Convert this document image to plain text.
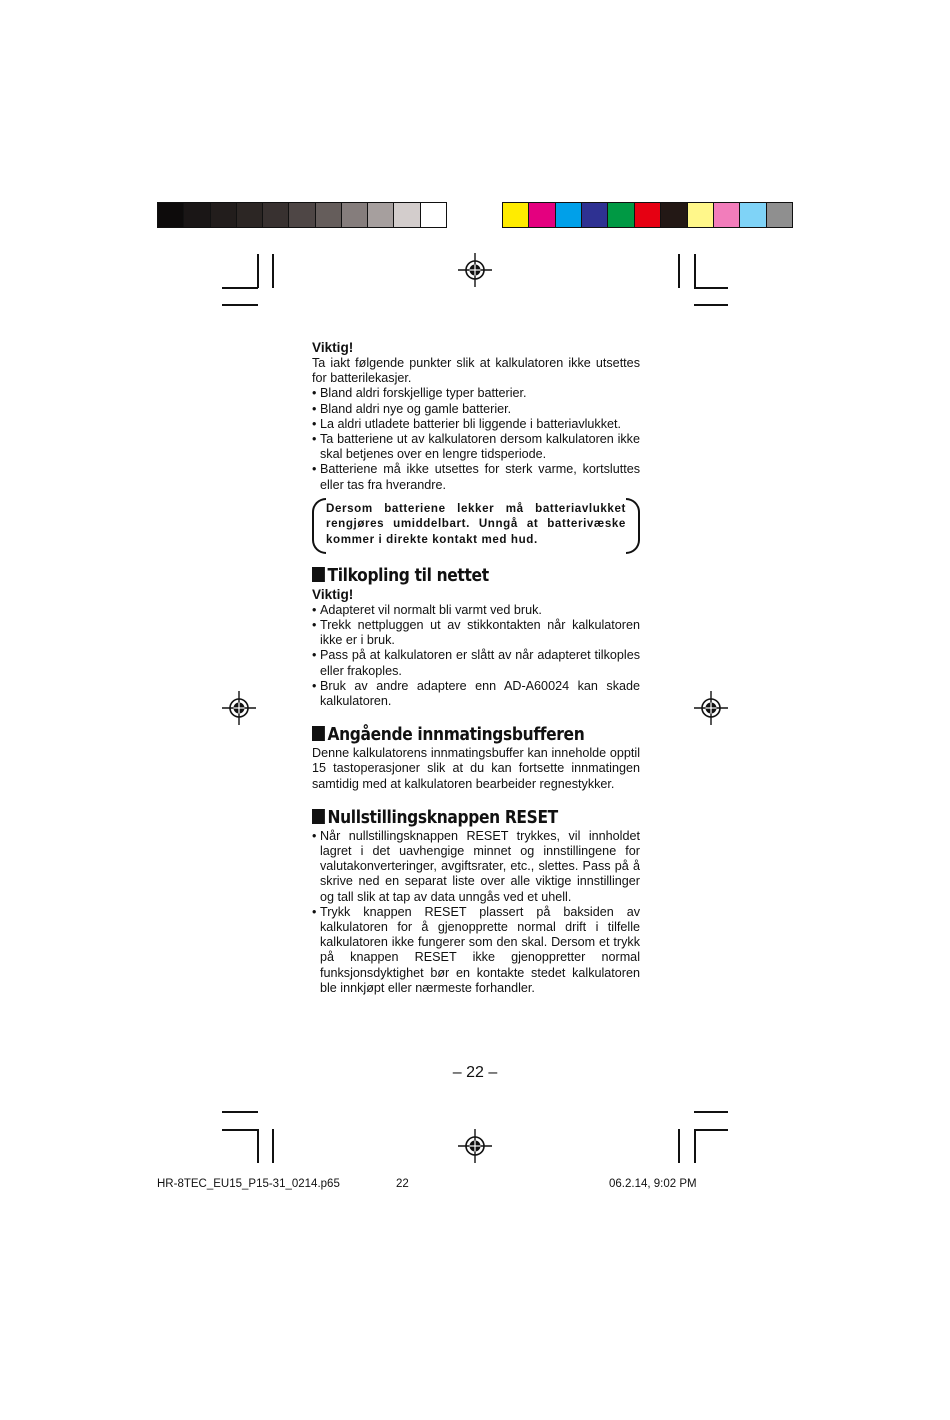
Viktig!

Ta iakt følgende punkter slik at kalkulatoren ikke utsettes for batterilekasjer.

• Bland aldri forskjellige typer batterier.
• Bland aldri nye og gamle batterier.
• La aldri utladete batterier bli liggende i batteriavlukket.
• Ta batteriene ut av kalkulatoren dersom kalkulatoren ikke skal betjenes over en lengre tidsperiode.
• Batteriene må ikke utsettes for sterk varme, kortsluttes eller tas fra hverandre.
Dersom batteriene lekker må batteriavlukket rengjøres umiddelbart. Unngå at batterivæske kommer i direkte kontakt med hud.
Tilkopling til nettet

Viktig!

• Adapteret vil normalt bli varmt ved bruk.
• Trekk nettpluggen ut av stikkontakten når kalkulatoren ikke er i bruk.
• Pass på at kalkulatoren er slått av når adapteret tilkoples eller frakoples.
• Bruk av andre adaptere enn AD-A60024 kan skade kalkulatoren.
Angående innmatingsbufferen

Denne kalkulatorens innmatingsbuffer kan inneholde opptil 15 tastoperasjoner slik at du kan fortsette innmatingen samtidig med at kalkulatoren bearbeider regnestykker.

Nullstillingsknappen RESET
• Når nullstillingsknappen RESET trykkes, vil innholdet lagret i det uavhengige minnet og innstillingene for valutakonverteringer, avgiftsrater, etc., slettes. Pass på å skrive ned en separat liste over alle viktige innstillinger og tall slik at tap av data unngås ved et uhell.
• Trykk knappen RESET plassert på baksiden av kalkulatoren for å gjenopprette normal drift i tilfelle kalkulatoren ikke fungerer som den skal. Dersom et trykk på knappen RESET ikke gjenoppretter normal funksjonsdyktighet bør en kontakte stedet kalkulatoren ble innkjøpt eller nærmeste forhandler.
– 22 –
HR-8TEC_EU15_P15-31_0214.p65	22	06.2.14, 9:02 PM
